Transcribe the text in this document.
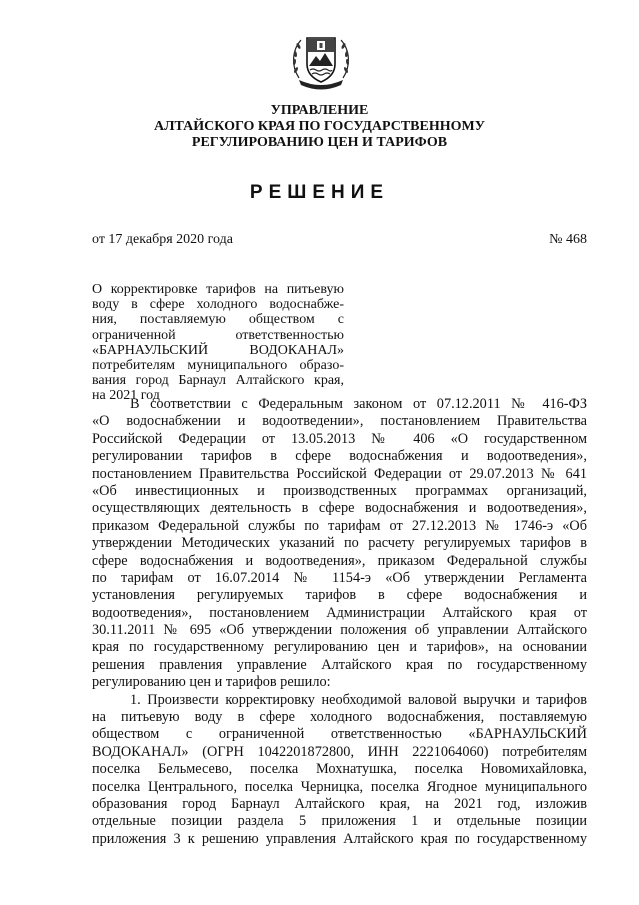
УПРАВЛЕНИЕ
АЛТАЙСКОГО КРАЯ ПО ГОСУДАРСТВЕННОМУ
РЕГУЛИРОВАНИЮ ЦЕН И ТАРИФОВ
РЕШЕНИЕ
от 17 декабря 2020 года	№ 468
О корректировке тарифов на питьевую
воду в сфере холодного водоснабже-
ния, поставляемую обществом с
ограниченной ответственностью
«БАРНАУЛЬСКИЙ ВОДОКАНАЛ»
потребителям муниципального образо-
вания город Барнаул Алтайского края,
на 2021 год
В соответствии с Федеральным законом от 07.12.2011 № 416-ФЗ
«О водоснабжении и водоотведении», постановлением Правительства
Российской Федерации от 13.05.2013 № 406 «О государственном
регулировании тарифов в сфере водоснабжения и водоотведения»,
постановлением Правительства Российской Федерации от 29.07.2013 № 641
«Об инвестиционных и производственных программах организаций,
осуществляющих деятельность в сфере водоснабжения и водоотведения»,
приказом Федеральной службы по тарифам от 27.12.2013 № 1746-э «Об
утверждении Методических указаний по расчету регулируемых тарифов в
сфере водоснабжения и водоотведения», приказом Федеральной службы
по тарифам от 16.07.2014 № 1154-э «Об утверждении Регламента
установления регулируемых тарифов в сфере водоснабжения и
водоотведения», постановлением Администрации Алтайского края от
30.11.2011 № 695 «Об утверждении положения об управлении Алтайского
края по государственному регулированию цен и тарифов», на основании
решения правления управление Алтайского края по государственному
регулированию цен и тарифов решило:
1. Произвести корректировку необходимой валовой выручки и тарифов
на питьевую воду в сфере холодного водоснабжения, поставляемую
обществом с ограниченной ответственностью «БАРНАУЛЬСКИЙ
ВОДОКАНАЛ» (ОГРН 1042201872800, ИНН 2221064060) потребителям
поселка Бельмесево, поселка Мохнатушка, поселка Новомихайловка,
поселка Центрального, поселка Черницка, поселка Ягодное муниципального
образования город Барнаул Алтайского края, на 2021 год, изложив
отдельные позиции раздела 5 приложения 1 и отдельные позиции
приложения 3 к решению управления Алтайского края по государственному
